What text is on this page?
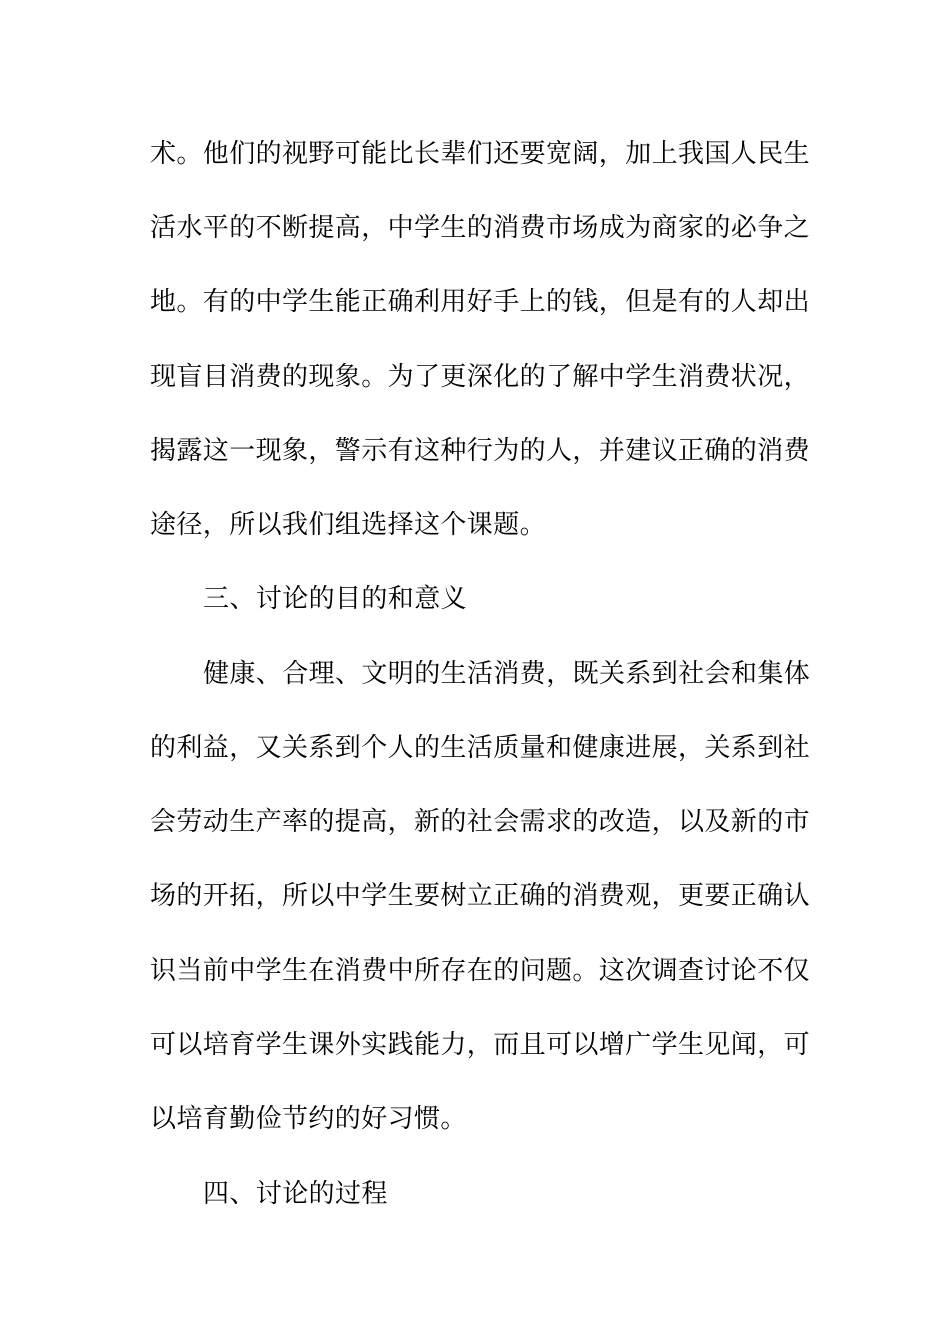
术。他们的视野可能比长辈们还要宽阔，加上我国人民生
活水平的不断提高，中学生的消费市场成为商家的必争之
地。有的中学生能正确利用好手上的钱，但是有的人却出
现盲目消费的现象。为了更深化的了解中学生消费状况，
揭露这一现象，警示有这种行为的人，并建议正确的消费
途径，所以我们组选择这个课题。
三、讨论的目的和意义
健康、合理、文明的生活消费，既关系到社会和集体
的利益，又关系到个人的生活质量和健康进展，关系到社
会劳动生产率的提高，新的社会需求的改造，以及新的市
场的开拓，所以中学生要树立正确的消费观，更要正确认
识当前中学生在消费中所存在的问题。这次调查讨论不仅
可以培育学生课外实践能力，而且可以增广学生见闻，可
以培育勤俭节约的好习惯。
四、讨论的过程
